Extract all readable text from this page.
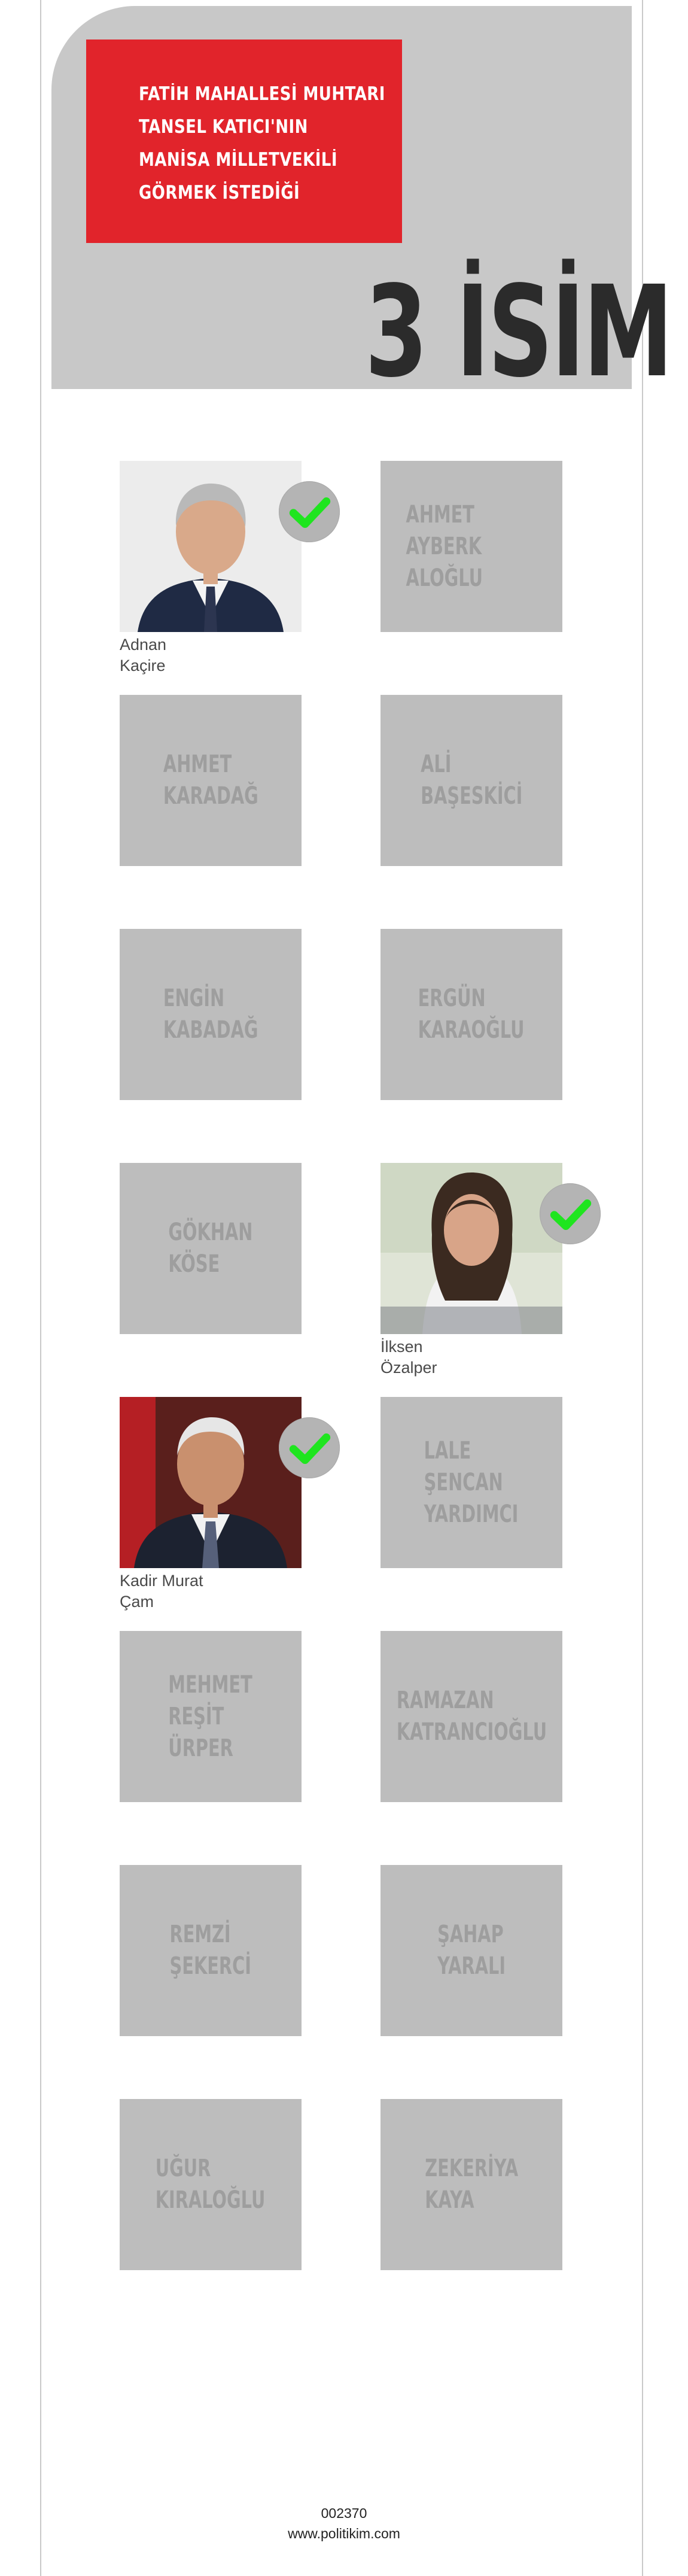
FATİH MAHALLESİ MUHTARI
TANSEL KATICI'NIN
MANİSA MİLLETVEKİLİ
GÖRMEK İSTEDİĞİ
3 İSİM
Adnan
Kaçire
AHMET AYBERK
ALOĞLU
AHMET
KARADAĞ
ALİ
BAŞESKİCİ
ENGİN
KABADAĞ
ERGÜN
KARAOĞLU
GÖKHAN
KÖSE
İlksen
Özalper
Kadir Murat
Çam
LALE
ŞENCAN
YARDIMCI
MEHMET
REŞİT
ÜRPER
RAMAZAN
KATRANCIOĞLU
REMZİ
ŞEKERCİ
ŞAHAP
YARALI
UĞUR
KIRALOĞLU
ZEKERİYA
KAYA
002370
www.politikim.com
